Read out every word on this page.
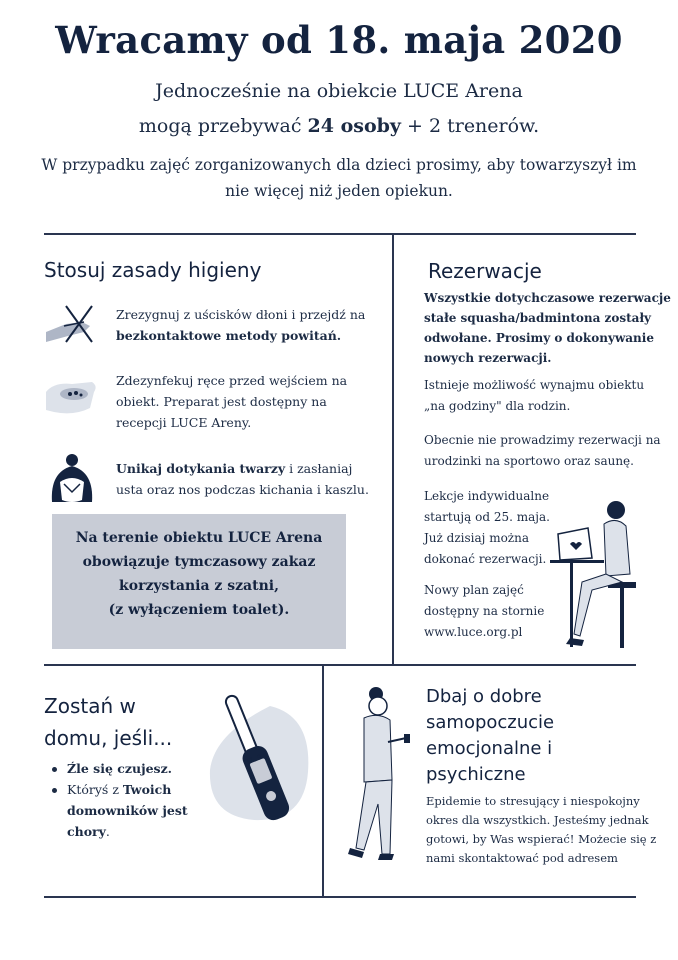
Wracamy od 18. maja 2020
Jednocześnie na obiekcie LUCE Arena
mogą przebywać 24 osoby + 2 trenerów.
W przypadku zajęć zorganizowanych dla dzieci prosimy, aby towarzyszył im
nie więcej niż jeden opiekun.
Stosuj zasady higieny
Zrezygnuj z uścisków dłoni i przejdź na
bezkontaktowe metody powitań.
Zdezynfekuj ręce przed wejściem na
obiekt. Preparat jest dostępny na
recepcji LUCE Areny.
Unikaj dotykania twarzy i zasłaniaj
usta oraz nos podczas kichania i kaszlu.
Na terenie obiektu LUCE Arena
obowiązuje tymczasowy zakaz
korzystania z szatni,
(z wyłączeniem toalet).
Rezerwacje
Wszystkie dotychczasowe rezerwacje
stałe squasha/badmintona zostały
odwołane. Prosimy o dokonywanie
nowych rezerwacji.
Istnieje możliwość wynajmu obiektu
„na godziny" dla rodzin.
Obecnie nie prowadzimy rezerwacji na
urodzinki na sportowo oraz saunę.
Lekcje indywidualne
startują od 25. maja.
Już dzisiaj można
dokonać rezerwacji.
Nowy plan zajęć
dostępny na stornie
www.luce.org.pl
Zostań w
domu, jeśli...
Źle się czujesz.
Któryś z Twoich
domowników jest
chory.
37.9
Dbaj o dobre
samopoczucie
emocjonalne i
psychiczne
Epidemie to stresujący i niespokojny
okres dla wszystkich. Jesteśmy jednak
gotowi, by Was wspierać! Możecie się z
nami skontaktować pod adresem
